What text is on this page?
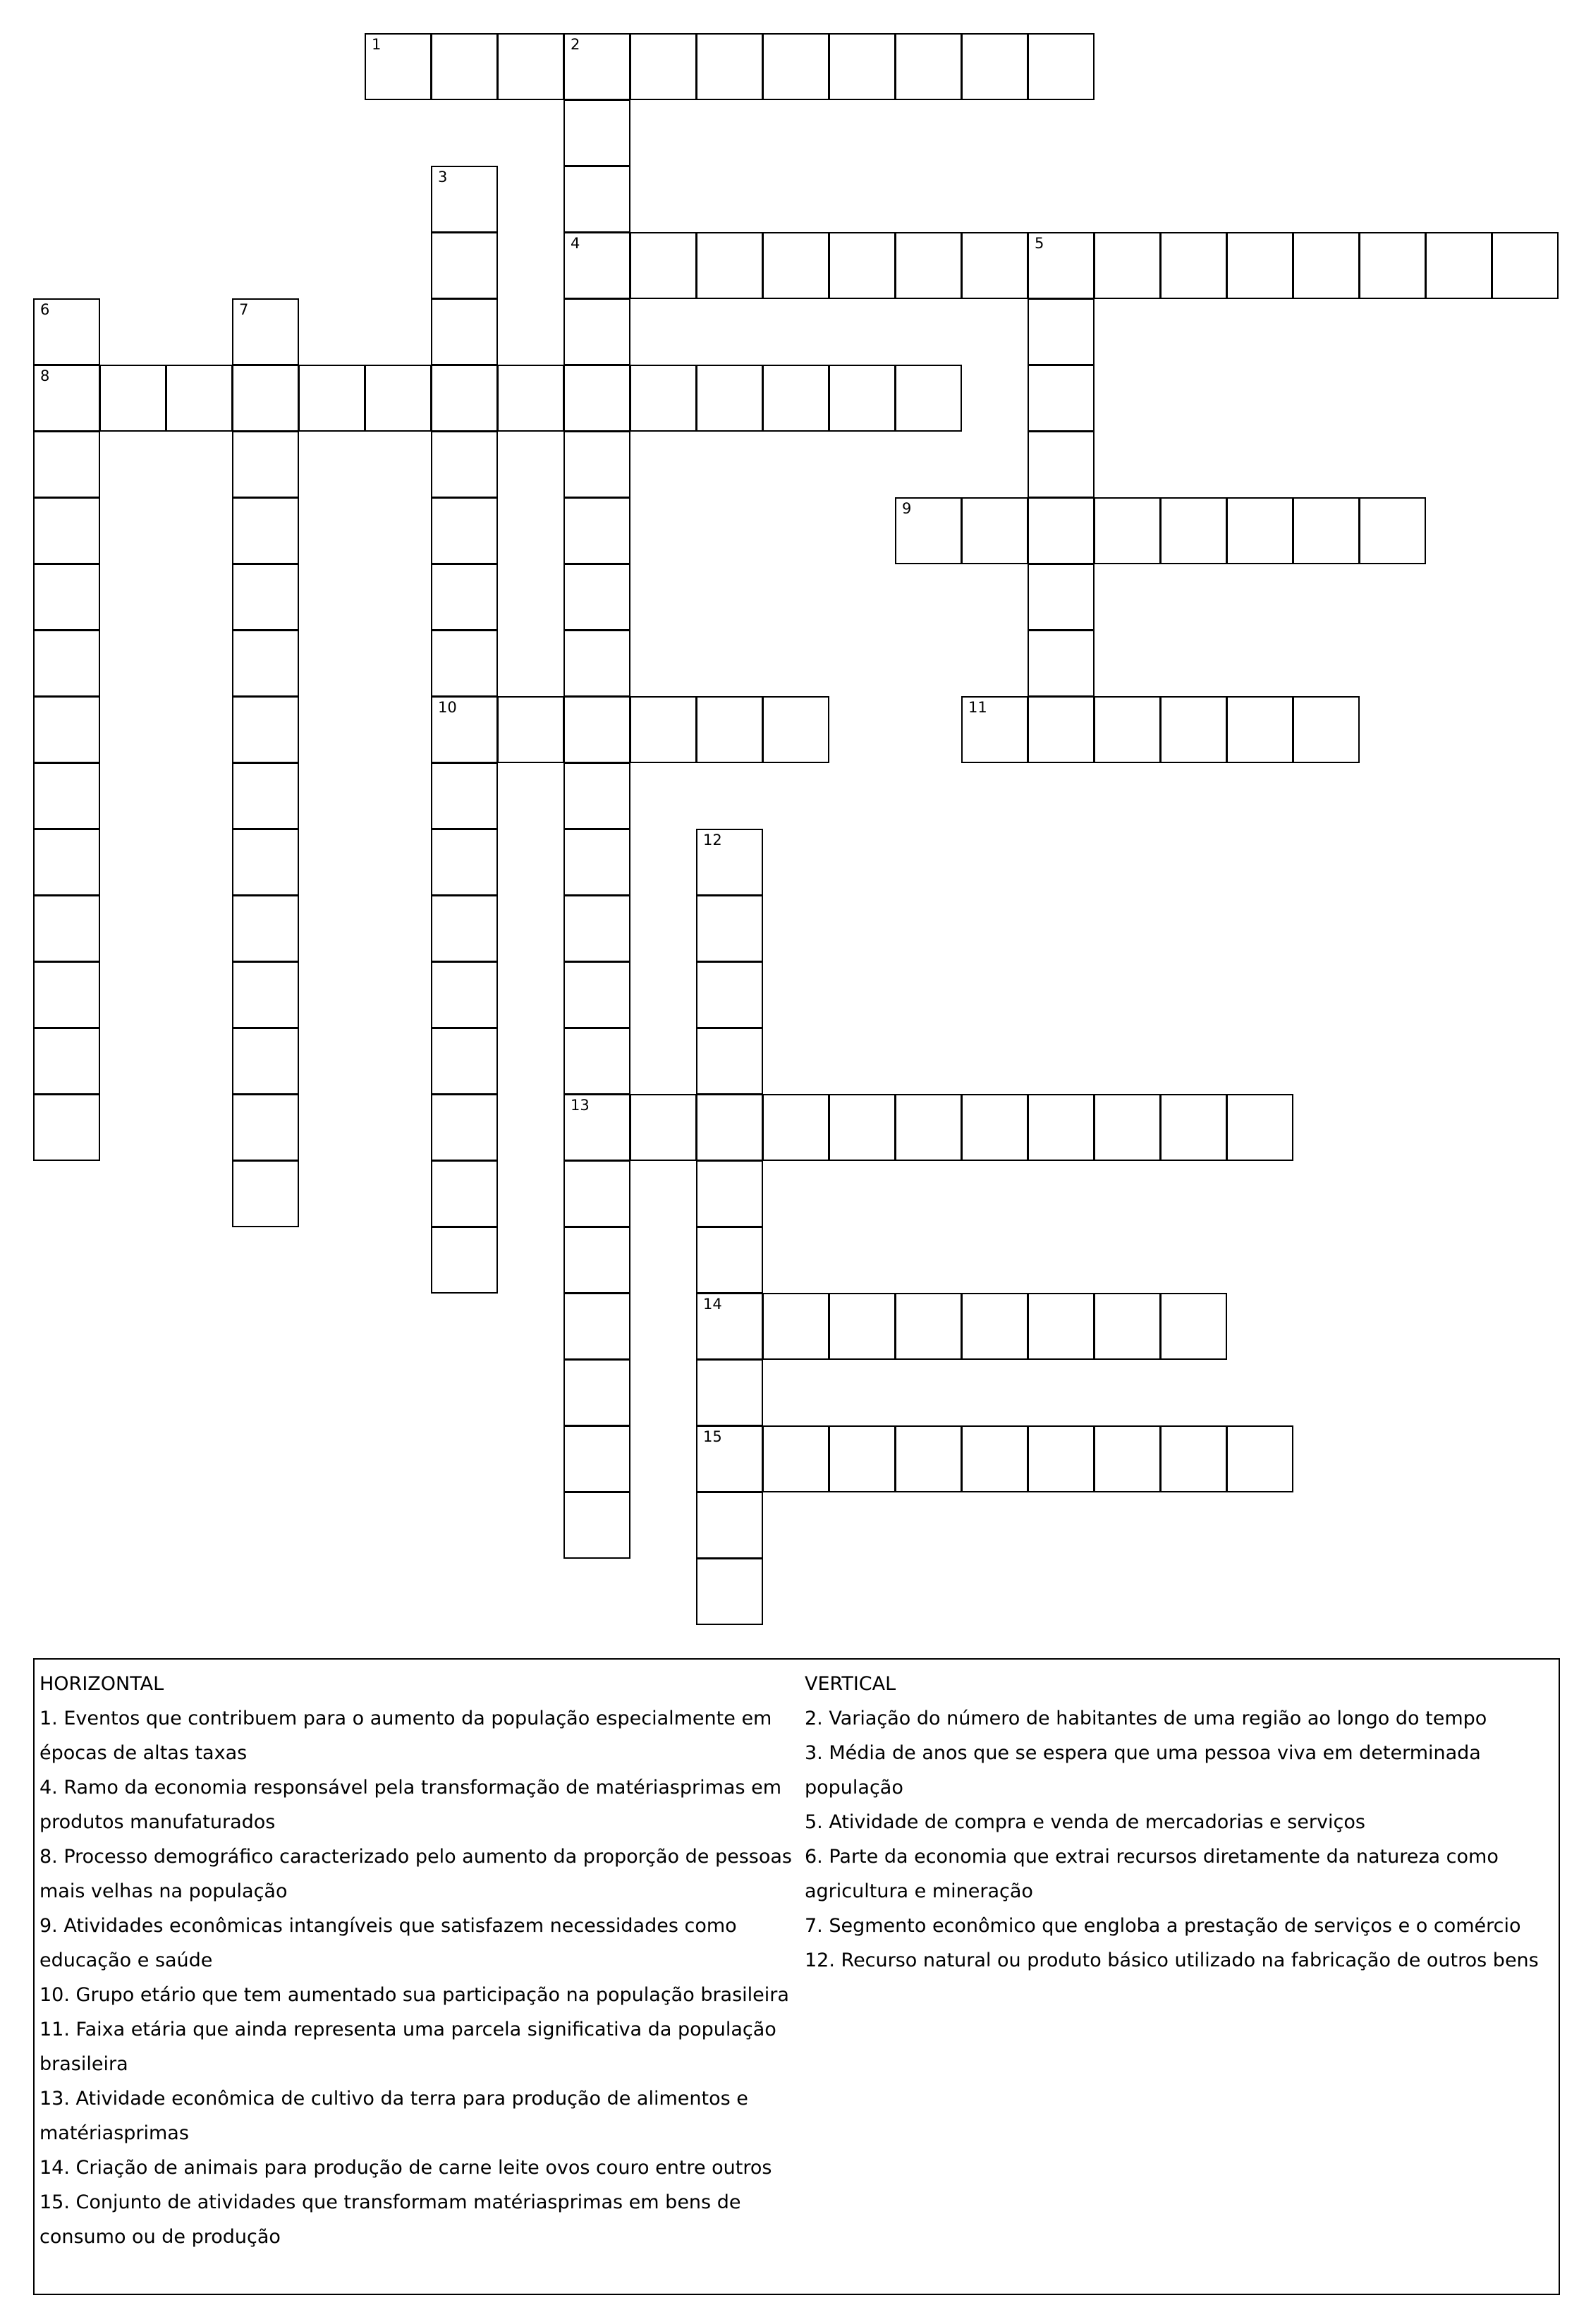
1	2
4
13
3
10
5
6
8
7
9
11
12
14
15

HORIZONTAL

1. Eventos que contribuem para o aumento da população especialmente em épocas de altas taxas

4. Ramo da economia responsável pela transformação de matériasprimas em produtos manufaturados

8. Processo demográfico caracterizado pelo aumento da proporção de pessoas mais velhas na população

9. Atividades econômicas intangíveis que satisfazem necessidades como educação e saúde

10. Grupo etário que tem aumentado sua participação na população brasileira

11. Faixa etária que ainda representa uma parcela significativa da população brasileira

13. Atividade econômica de cultivo da terra para produção de alimentos e matériasprimas

14. Criação de animais para produção de carne leite ovos couro entre outros

15. Conjunto de atividades que transformam matériasprimas em bens de consumo ou de produção

VERTICAL

2. Variação do número de habitantes de uma região ao longo do tempo

3. Média de anos que se espera que uma pessoa viva em determinada população

5. Atividade de compra e venda de mercadorias e serviços

6. Parte da economia que extrai recursos diretamente da natureza como agricultura e mineração

7. Segmento econômico que engloba a prestação de serviços e o comércio

12. Recurso natural ou produto básico utilizado na fabricação de outros bens
